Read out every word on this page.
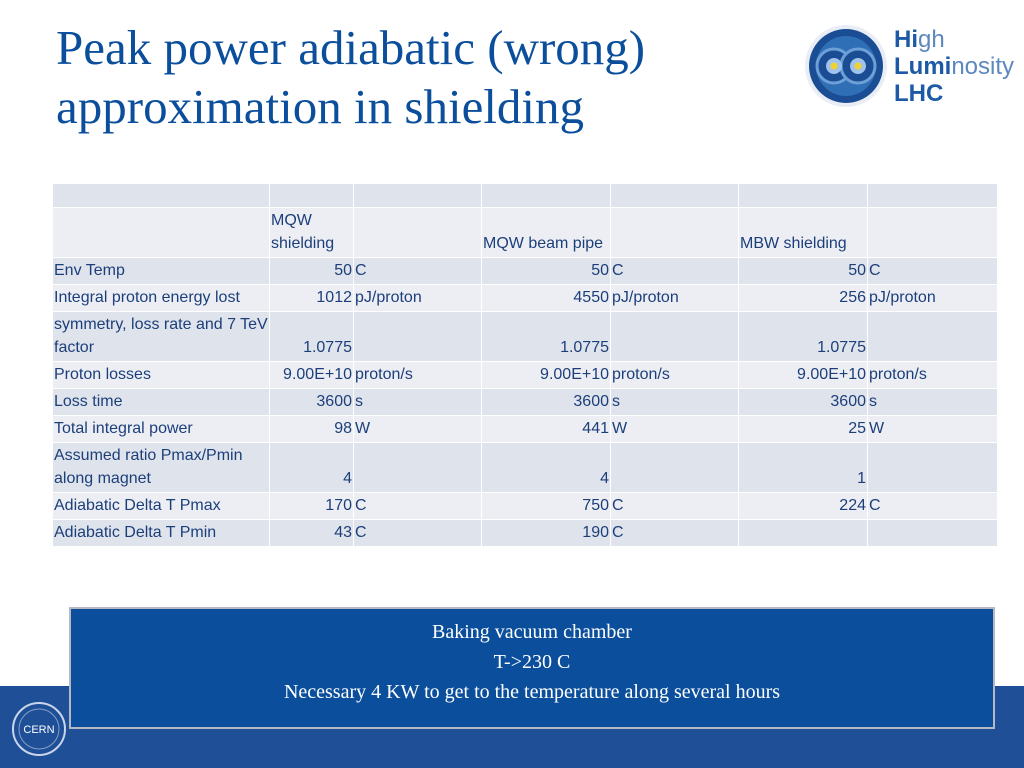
Peak power adiabatic (wrong)
approximation in shielding
High
Luminosity
LHC

	MQW shielding		MQW beam pipe		MBW shielding	
Env Temp	50	C	50	C	50	C
Integral proton energy lost	1012	pJ/proton	4550	pJ/proton	256	pJ/proton
symmetry, loss rate and 7 TeV factor	1.0775		1.0775		1.0775	
Proton losses	9.00E+10	proton/s	9.00E+10	proton/s	9.00E+10	proton/s
Loss time	3600	s	3600	s	3600	s
Total integral power	98	W	441	W	25	W
Assumed ratio Pmax/Pmin along magnet	4		4		1	
Adiabatic Delta T Pmax	170	C	750	C	224	C
Adiabatic Delta T Pmin	43	C	190	C		
CERN
Baking vacuum chamber
T->230 C
Necessary 4 KW to get to the temperature along several hours
